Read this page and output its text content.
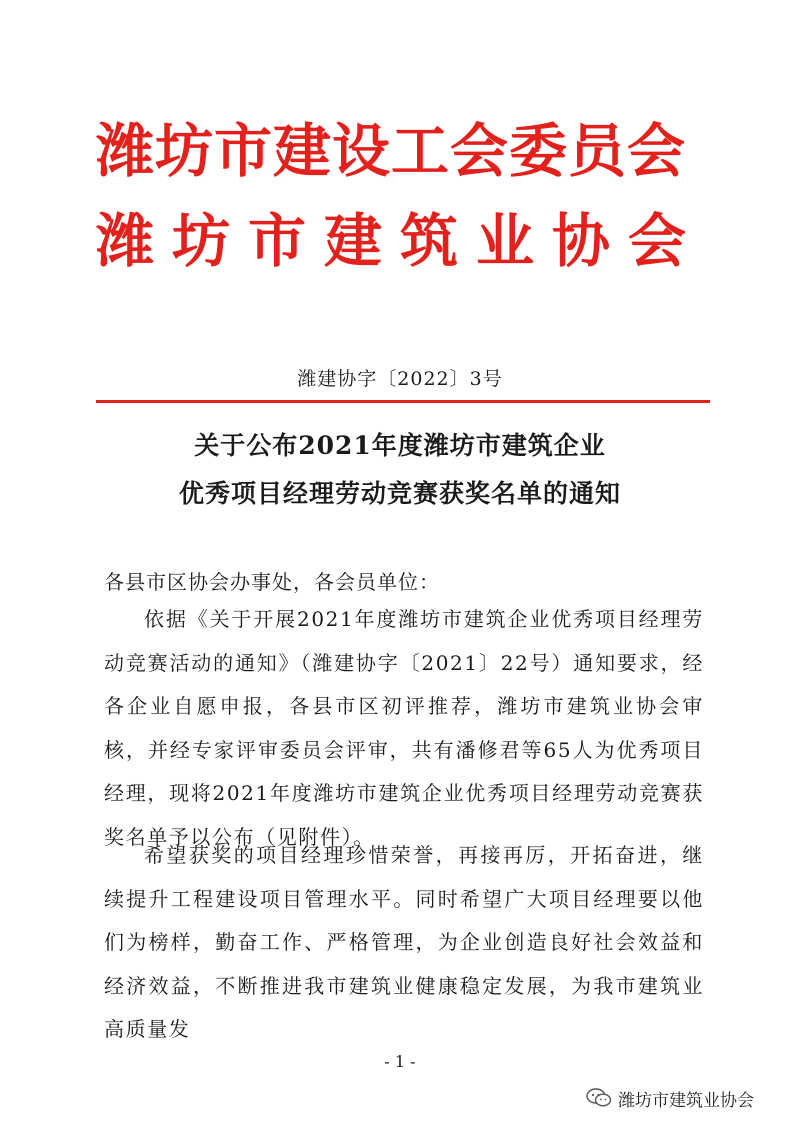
潍坊市建设工会委员会
潍坊市建筑业协会
潍建协字〔2022〕3号
关于公布2021年度潍坊市建筑企业
优秀项目经理劳动竞赛获奖名单的通知
各县市区协会办事处，各会员单位：

依据《关于开展2021年度潍坊市建筑企业优秀项目经理劳动竞赛活动的通知》（潍建协字〔2021〕22号）通知要求，经各企业自愿申报，各县市区初评推荐，潍坊市建筑业协会审核，并经专家评审委员会评审，共有潘修君等65人为优秀项目经理，现将2021年度潍坊市建筑企业优秀项目经理劳动竞赛获奖名单予以公布（见附件）。

希望获奖的项目经理珍惜荣誉，再接再厉，开拓奋进，继续提升工程建设项目管理水平。同时希望广大项目经理要以他们为榜样，勤奋工作、严格管理，为企业创造良好社会效益和经济效益，不断推进我市建筑业健康稳定发展，为我市建筑业高质量发

- 1 -
潍坊市建筑业协会
